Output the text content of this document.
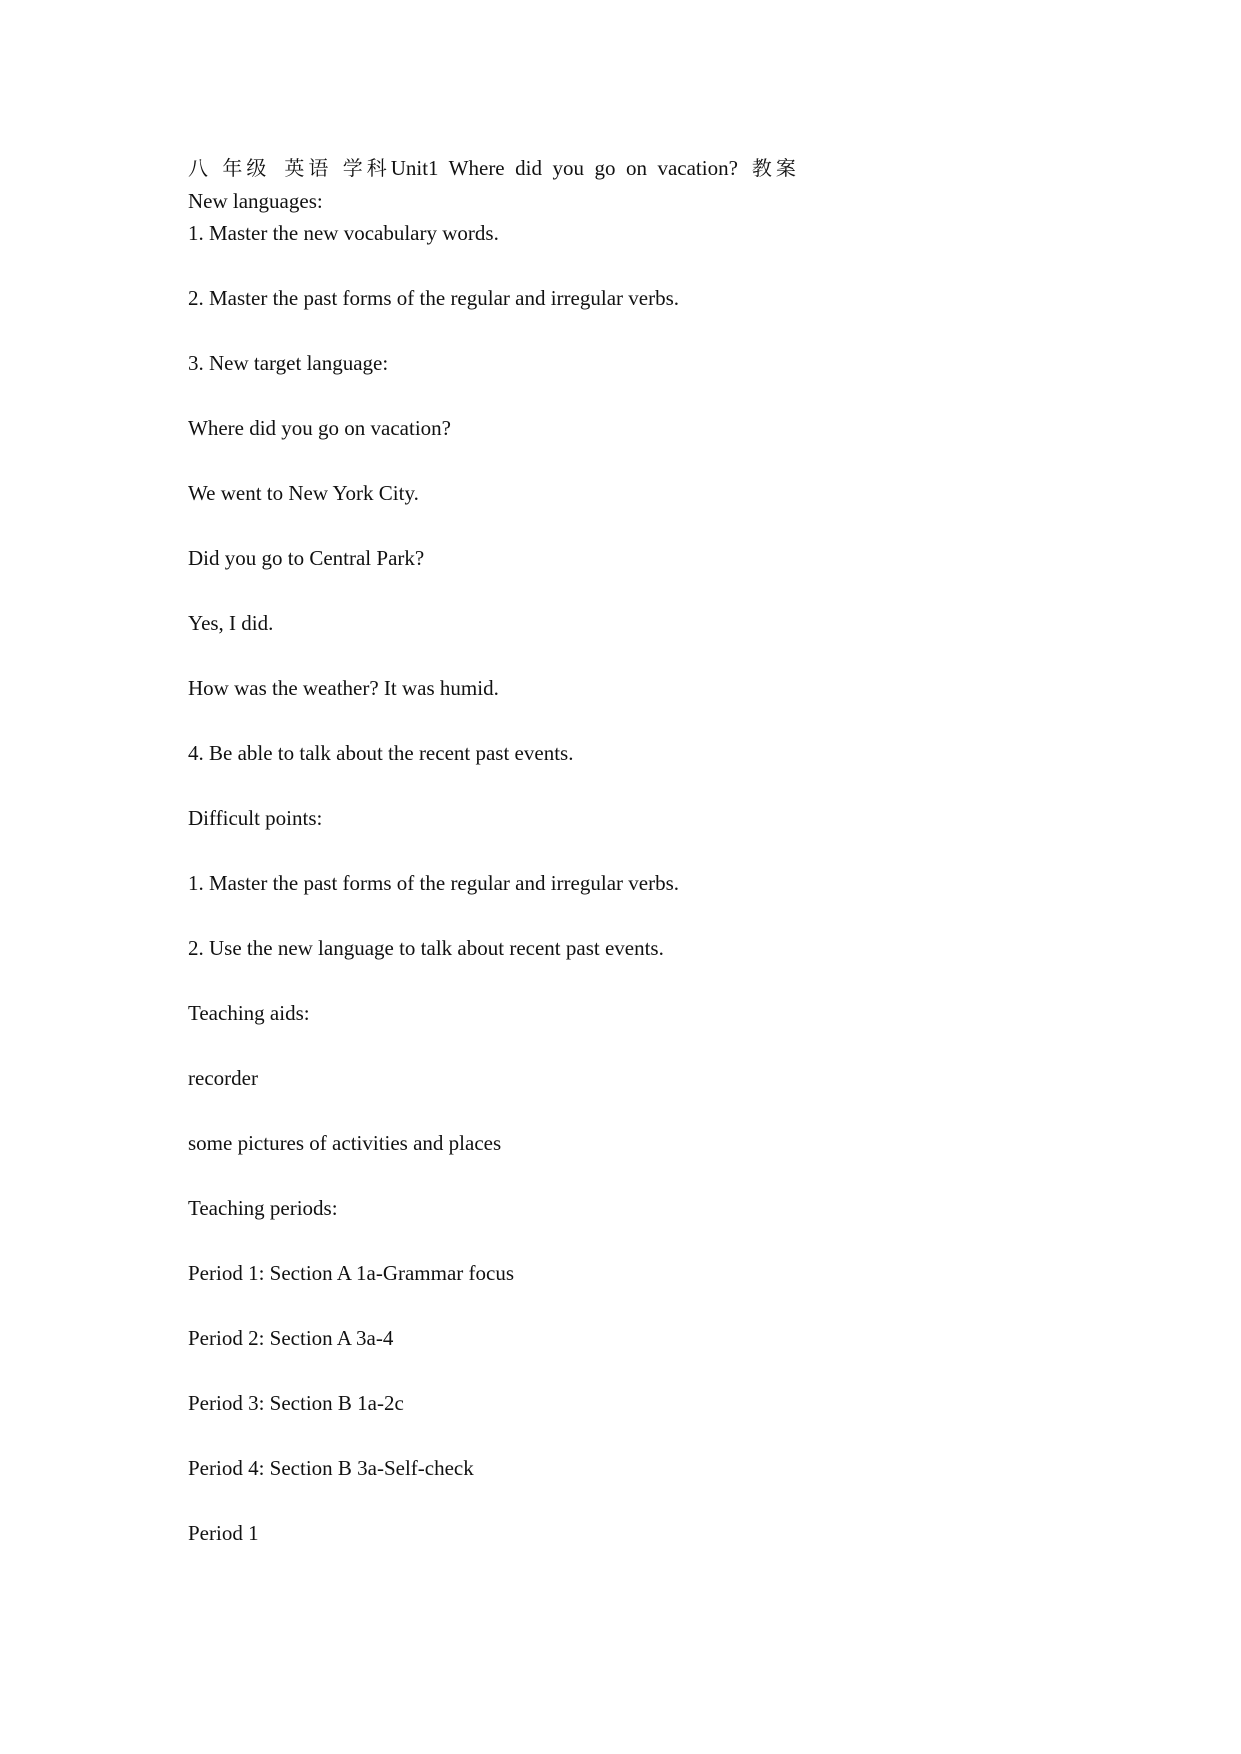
八 年级 英语 学科Unit1  Where  did  you  go  on  vacation? 教案
New languages:
1. Master the new vocabulary words.
2. Master the past forms of the regular and irregular verbs.
3. New target language:
Where did you go on vacation?
We went to New York City.
Did you go to Central Park?
Yes, I did.
How was the weather? It was humid.
4. Be able to talk about the recent past events.
Difficult points:
1. Master the past forms of the regular and irregular verbs.
2. Use the new language to talk about recent past events.
Teaching aids:
recorder
some pictures of activities and places
Teaching periods:
Period 1: Section A 1a-Grammar focus
Period 2: Section A 3a-4
Period 3: Section B 1a-2c
Period 4: Section B 3a-Self-check
Period 1
